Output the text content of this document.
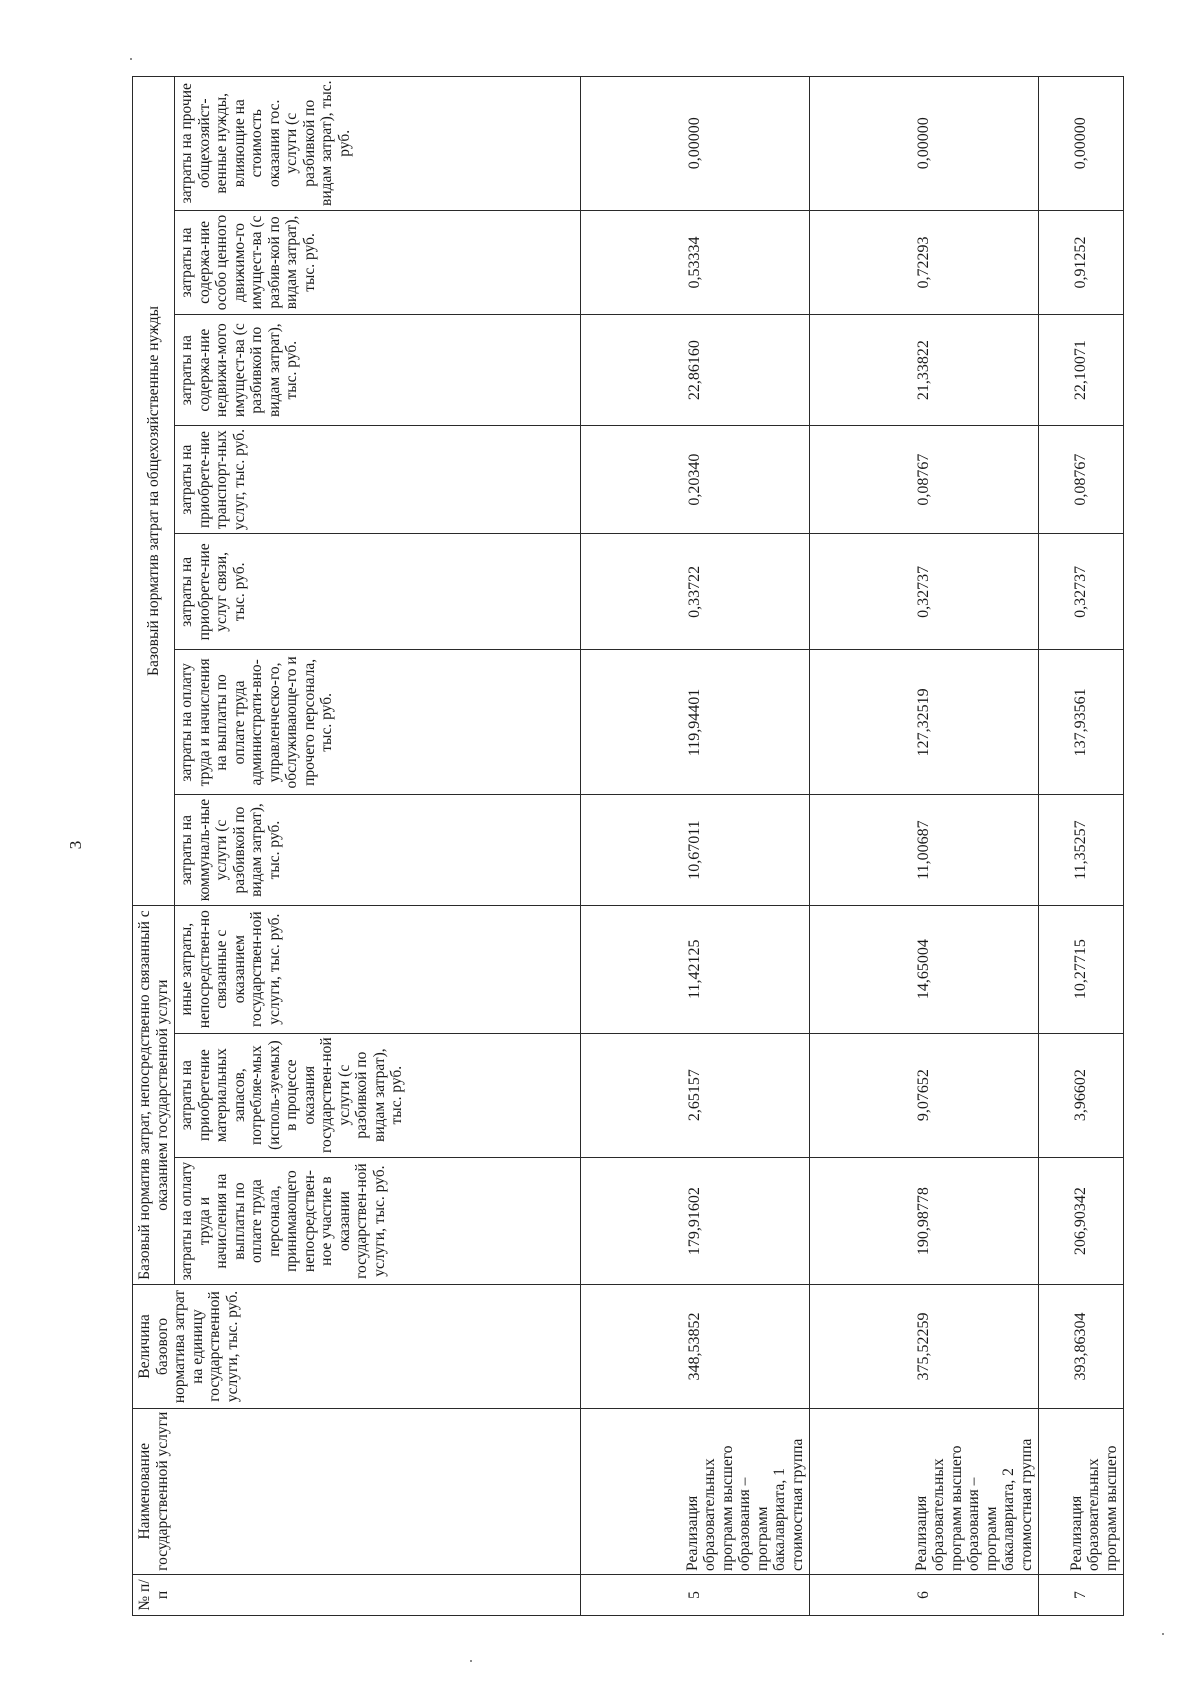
3
№ п/п	Наименование государственной услуги	Величина базового норматива затрат на единицу государственной услуги, тыс. руб.	Базовый норматив затрат, непосредственно связанный с оказанием государственной услуги			Базовый норматив затрат на общехозяйственные нужды						
			затраты на оплату труда и начисления на выплаты по оплате труда персонала, принимающего непосредствен-ное участие в оказании государствен-ной услуги, тыс. руб.	затраты на приобретение материальных запасов, потребляе-мых (исполь-зуемых) в процессе оказания государствен-ной услуги (с разбивкой по видам затрат), тыс. руб.	иные затраты, непосредствен-но связанные с оказанием государствен-ной услуги, тыс. руб.	затраты на коммуналь-ные услуги (с разбивкой по видам затрат), тыс. руб.	затраты на оплату труда и начисления на выплаты по оплате труда администрати-вно-управленческо-го, обслуживающе-го и прочего персонала, тыс. руб.	затраты на приобрете-ние услуг связи, тыс. руб.	затраты на приобрете-ние транспорт-ных услуг, тыс. руб.	затраты на содержа-ние недвижи-мого имущест-ва (с разбивкой по видам затрат), тыс. руб.	затраты на содержа-ние особо ценного движимо-го имущест-ва (с разбив-кой по видам затрат), тыс. руб.	затраты на прочие общехозяйст-венные нужды, влияющие на стоимость оказания гос. услуги (с разбивкой по видам затрат), тыс. руб.
5	Реализация образовательных программ высшего образования – программ бакалавриата, 1 стоимостная группа	348,53852	179,91602	2,65157	11,42125	10,67011	119,94401	0,33722	0,20340	22,86160	0,53334	0,00000
6	Реализация образовательных программ высшего образования – программ бакалавриата, 2 стоимостная группа	375,52259	190,98778	9,07652	14,65004	11,00687	127,32519	0,32737	0,08767	21,33822	0,72293	0,00000
7	Реализация образовательных программ высшего	393,86304	206,90342	3,96602	10,27715	11,35257	137,93561	0,32737	0,08767	22,10071	0,91252	0,00000
